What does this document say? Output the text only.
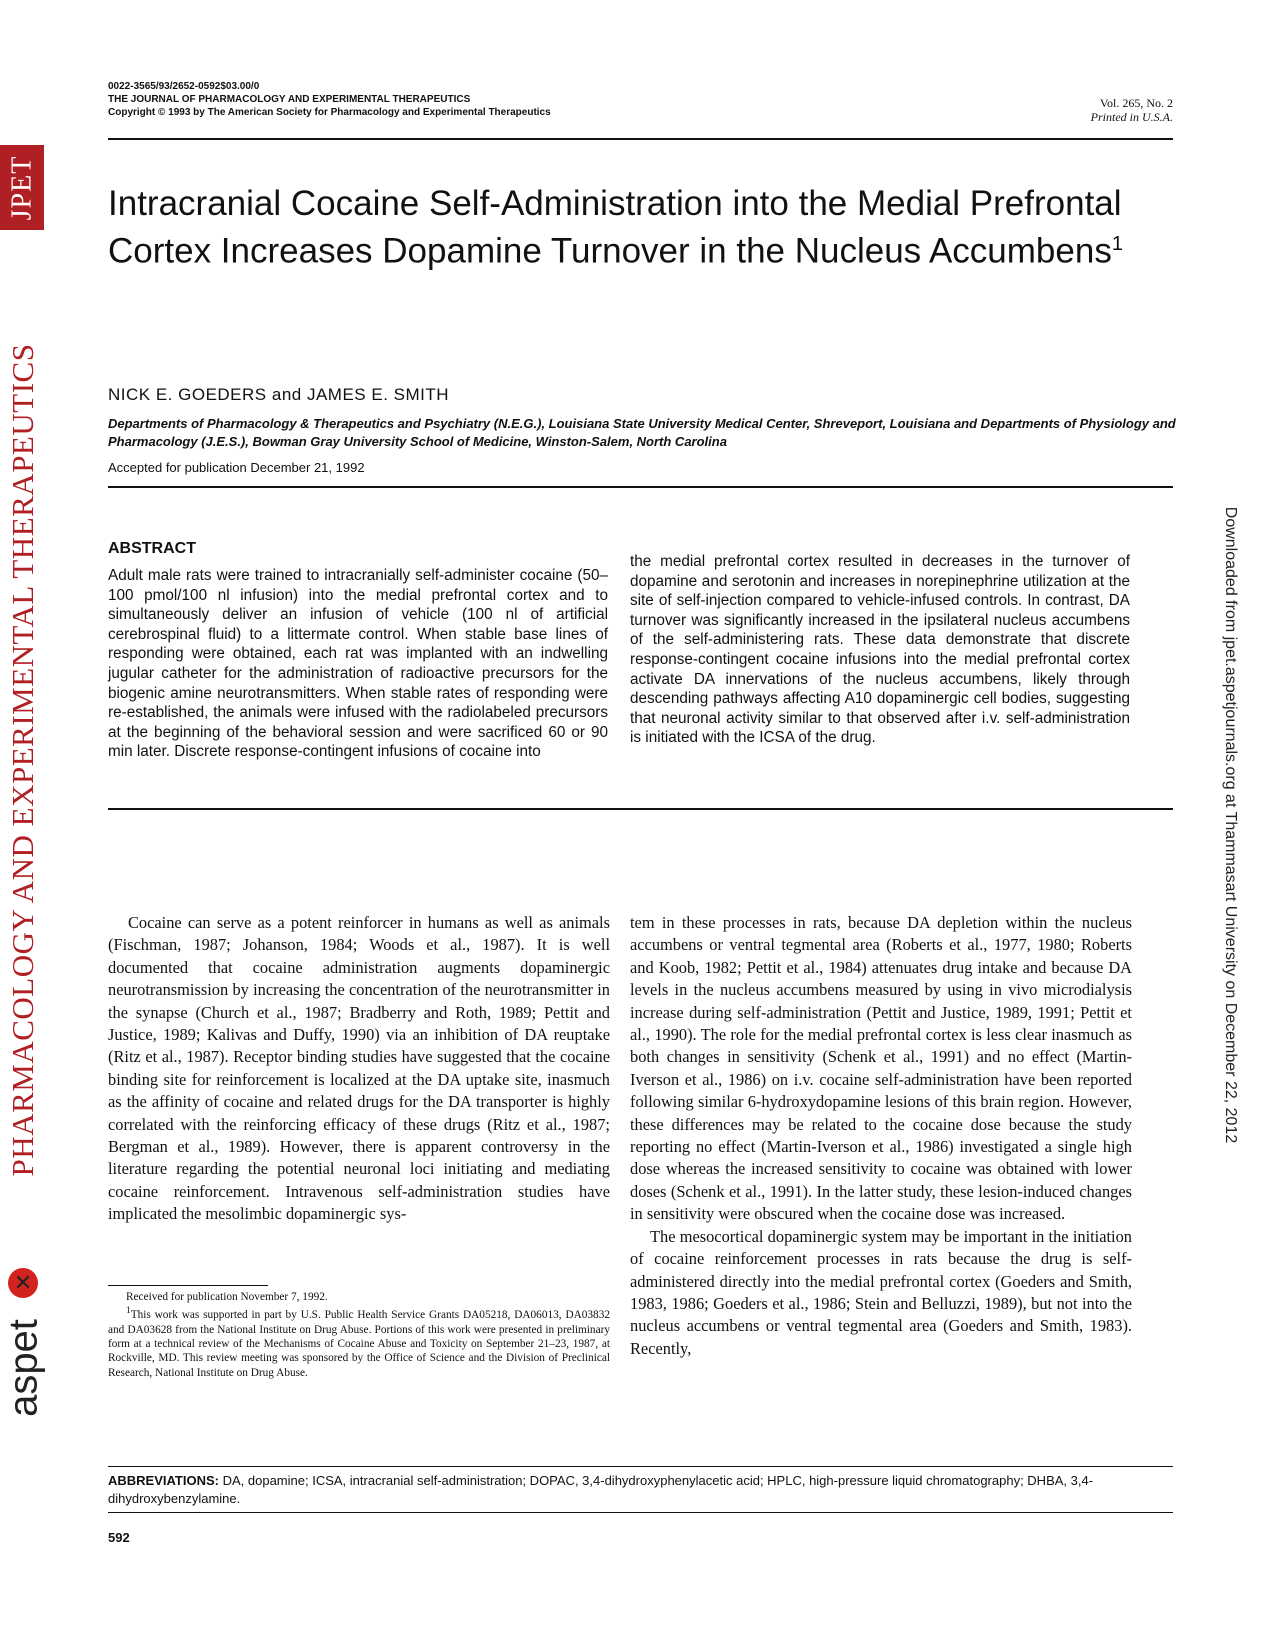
JPET
PHARMACOLOGY AND EXPERIMENTAL THERAPEUTICS
✕
aspet
Downloaded from jpet.aspetjournals.org at Thammasart University on December 22, 2012
0022-3565/93/2652-0592$03.00/0
THE JOURNAL OF PHARMACOLOGY AND EXPERIMENTAL THERAPEUTICS
Copyright © 1993 by The American Society for Pharmacology and Experimental Therapeutics
Vol. 265, No. 2
Printed in U.S.A.
Intracranial Cocaine Self-Administration into the Medial Prefrontal Cortex Increases Dopamine Turnover in the Nucleus Accumbens$^1$
NICK E. GOEDERS and JAMES E. SMITH
Departments of Pharmacology & Therapeutics and Psychiatry (N.E.G.), Louisiana State University Medical Center, Shreveport, Louisiana and Departments of Physiology and Pharmacology (J.E.S.), Bowman Gray University School of Medicine, Winston-Salem, North Carolina
Accepted for publication December 21, 1992
ABSTRACT

Adult male rats were trained to intracranially self-administer cocaine (50–100 pmol/100 nl infusion) into the medial prefrontal cortex and to simultaneously deliver an infusion of vehicle (100 nl of artificial cerebrospinal fluid) to a littermate control. When stable base lines of responding were obtained, each rat was implanted with an indwelling jugular catheter for the administration of radioactive precursors for the biogenic amine neurotransmitters. When stable rates of responding were re-established, the animals were infused with the radiolabeled precursors at the beginning of the behavioral session and were sacrificed 60 or 90 min later. Discrete response-contingent infusions of cocaine into

the medial prefrontal cortex resulted in decreases in the turnover of dopamine and serotonin and increases in norepinephrine utilization at the site of self-injection compared to vehicle-infused controls. In contrast, DA turnover was significantly increased in the ipsilateral nucleus accumbens of the self-administering rats. These data demonstrate that discrete response-contingent cocaine infusions into the medial prefrontal cortex activate DA innervations of the nucleus accumbens, likely through descending pathways affecting A10 dopaminergic cell bodies, suggesting that neuronal activity similar to that observed after i.v. self-administration is initiated with the ICSA of the drug.

Cocaine can serve as a potent reinforcer in humans as well as animals (Fischman, 1987; Johanson, 1984; Woods et al., 1987). It is well documented that cocaine administration augments dopaminergic neurotransmission by increasing the concentration of the neurotransmitter in the synapse (Church et al., 1987; Bradberry and Roth, 1989; Pettit and Justice, 1989; Kalivas and Duffy, 1990) via an inhibition of DA reuptake (Ritz et al., 1987). Receptor binding studies have suggested that the cocaine binding site for reinforcement is localized at the DA uptake site, inasmuch as the affinity of cocaine and related drugs for the DA transporter is highly correlated with the reinforcing efficacy of these drugs (Ritz et al., 1987; Bergman et al., 1989). However, there is apparent controversy in the literature regarding the potential neuronal loci initiating and mediating cocaine reinforcement. Intravenous self-administration studies have implicated the mesolimbic dopaminergic sys-

tem in these processes in rats, because DA depletion within the nucleus accumbens or ventral tegmental area (Roberts et al., 1977, 1980; Roberts and Koob, 1982; Pettit et al., 1984) attenuates drug intake and because DA levels in the nucleus accumbens measured by using in vivo microdialysis increase during self-administration (Pettit and Justice, 1989, 1991; Pettit et al., 1990). The role for the medial prefrontal cortex is less clear inasmuch as both changes in sensitivity (Schenk et al., 1991) and no effect (Martin-Iverson et al., 1986) on i.v. cocaine self-administration have been reported following similar 6-hydroxydopamine lesions of this brain region. However, these differences may be related to the cocaine dose because the study reporting no effect (Martin-Iverson et al., 1986) investigated a single high dose whereas the increased sensitivity to cocaine was obtained with lower doses (Schenk et al., 1991). In the latter study, these lesion-induced changes in sensitivity were obscured when the cocaine dose was increased.

The mesocortical dopaminergic system may be important in the initiation of cocaine reinforcement processes in rats because the drug is self-administered directly into the medial prefrontal cortex (Goeders and Smith, 1983, 1986; Goeders et al., 1986; Stein and Belluzzi, 1989), but not into the nucleus accumbens or ventral tegmental area (Goeders and Smith, 1983). Recently,

Received for publication November 7, 1992.

$^1$This work was supported in part by U.S. Public Health Service Grants DA05218, DA06013, DA03832 and DA03628 from the National Institute on Drug Abuse. Portions of this work were presented in preliminary form at a technical review of the Mechanisms of Cocaine Abuse and Toxicity on September 21–23, 1987, at Rockville, MD. This review meeting was sponsored by the Office of Science and the Division of Preclinical Research, National Institute on Drug Abuse.

ABBREVIATIONS: DA, dopamine; ICSA, intracranial self-administration; DOPAC, 3,4-dihydroxyphenylacetic acid; HPLC, high-pressure liquid chromatography; DHBA, 3,4-dihydroxybenzylamine.
592
